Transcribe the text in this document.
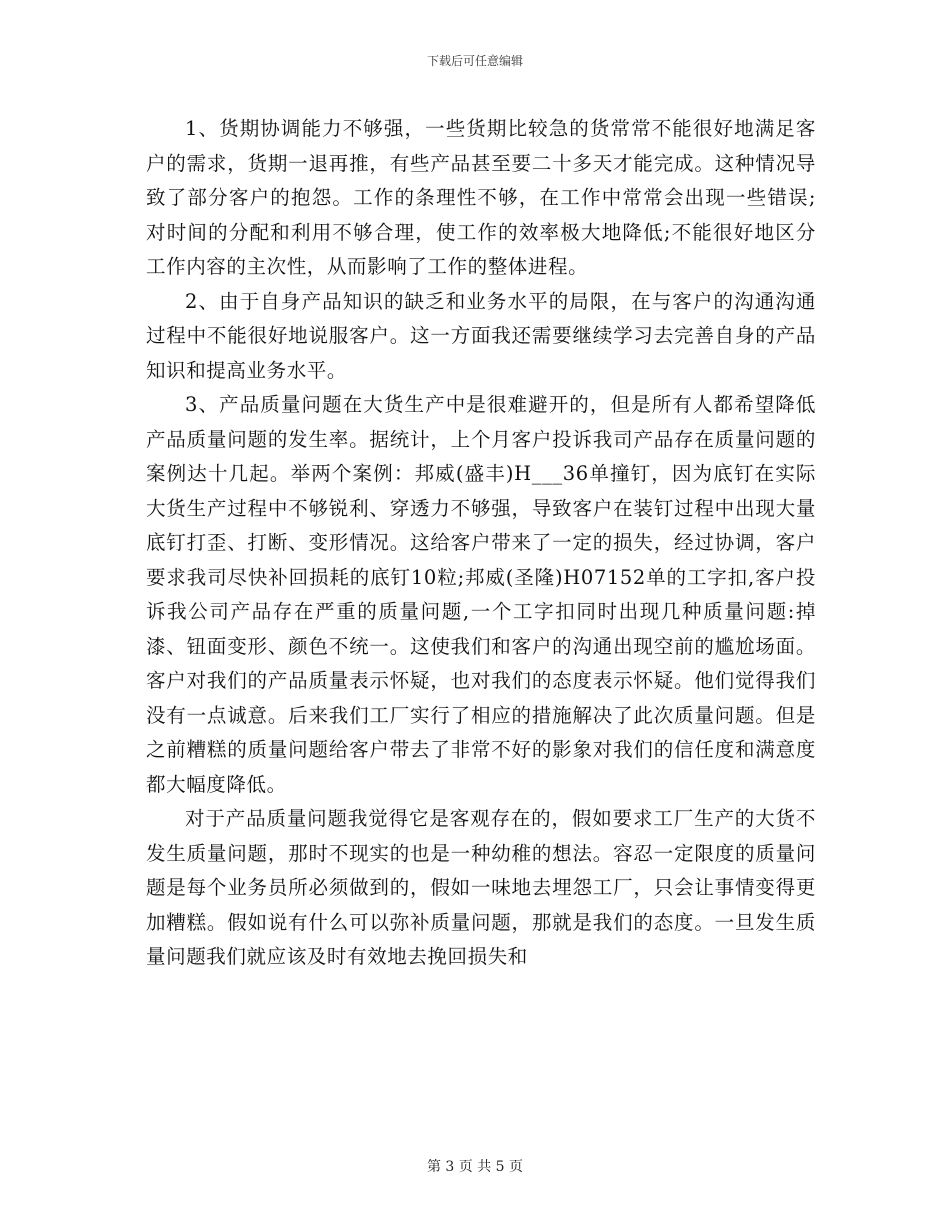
下载后可任意编辑

1、货期协调能力不够强，一些货期比较急的货常常不能很好地满足客户的需求，货期一退再推，有些产品甚至要二十多天才能完成。这种情况导致了部分客户的抱怨。工作的条理性不够，在工作中常常会出现一些错误;对时间的分配和利用不够合理，使工作的效率极大地降低;不能很好地区分工作内容的主次性，从而影响了工作的整体进程。

2、由于自身产品知识的缺乏和业务水平的局限，在与客户的沟通沟通过程中不能很好地说服客户。这一方面我还需要继续学习去完善自身的产品知识和提高业务水平。

3、产品质量问题在大货生产中是很难避开的，但是所有人都希望降低产品质量问题的发生率。据统计，上个月客户投诉我司产品存在质量问题的案例达十几起。举两个案例：邦威(盛丰)H___36单撞钉，因为底钉在实际大货生产过程中不够锐利、穿透力不够强，导致客户在装钉过程中出现大量底钉打歪、打断、变形情况。这给客户带来了一定的损失，经过协调，客户要求我司尽快补回损耗的底钉10粒;邦威(圣隆)H07152单的工字扣,客户投诉我公司产品存在严重的质量问题,一个工字扣同时出现几种质量问题:掉漆、钮面变形、颜色不统一。这使我们和客户的沟通出现空前的尴尬场面。客户对我们的产品质量表示怀疑，也对我们的态度表示怀疑。他们觉得我们没有一点诚意。后来我们工厂实行了相应的措施解决了此次质量问题。但是之前糟糕的质量问题给客户带去了非常不好的影象对我们的信任度和满意度都大幅度降低。

对于产品质量问题我觉得它是客观存在的，假如要求工厂生产的大货不发生质量问题，那时不现实的也是一种幼稚的想法。容忍一定限度的质量问题是每个业务员所必须做到的，假如一味地去埋怨工厂，只会让事情变得更加糟糕。假如说有什么可以弥补质量问题，那就是我们的态度。一旦发生质量问题我们就应该及时有效地去挽回损失和

第 3 页 共 5 页
